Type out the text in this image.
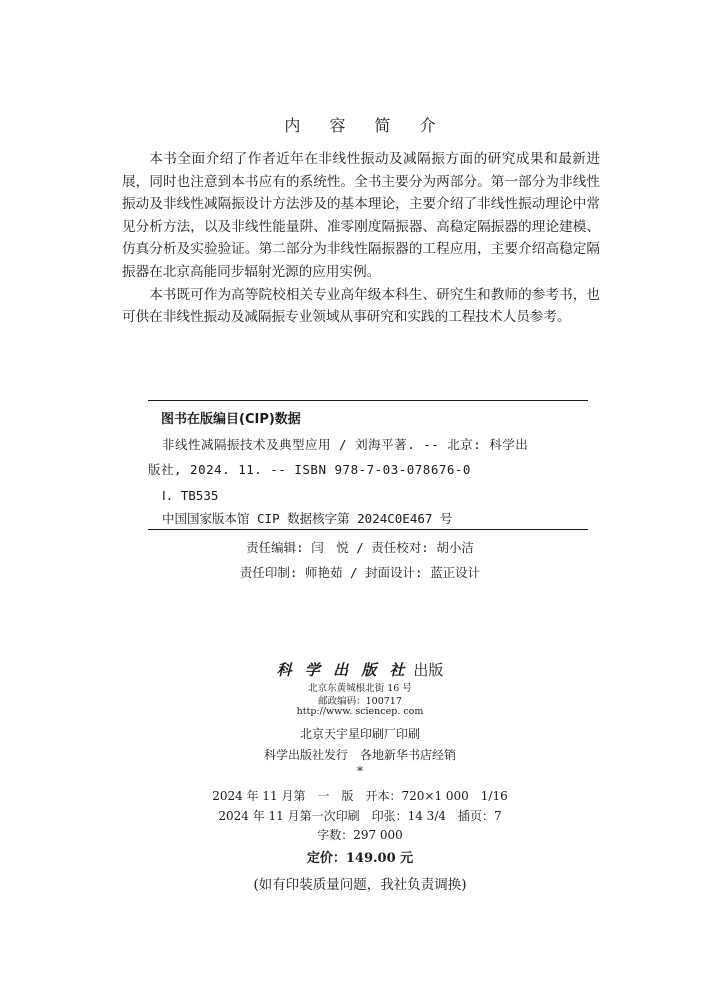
内 容 简 介

本书全面介绍了作者近年在非线性振动及减隔振方面的研究成果和最新进展，同时也注意到本书应有的系统性。全书主要分为两部分。第一部分为非线性振动及非线性减隔振设计方法涉及的基本理论，主要介绍了非线性振动理论中常见分析方法，以及非线性能量阱、准零刚度隔振器、高稳定隔振器的理论建模、仿真分析及实验验证。第二部分为非线性隔振器的工程应用，主要介绍高稳定隔振器在北京高能同步辐射光源的应用实例。

本书既可作为高等院校相关专业高年级本科生、研究生和教师的参考书，也可供在非线性振动及减隔振专业领域从事研究和实践的工程技术人员参考。

图书在版编目(CIP)数据
非线性减隔振技术及典型应用 / 刘海平著. -- 北京: 科学出
版社, 2024. 11. -- ISBN 978-7-03-078676-0
Ⅰ. TB535
中国国家版本馆 CIP 数据核字第 2024C0E467 号
责任编辑: 闫　悦 / 责任校对: 胡小洁
责任印制: 师艳茹 / 封面设计: 蓝正设计
科 学 出 版 社 出版
北京东黄城根北街 16 号
邮政编码：100717
http://www. sciencep. com
北京天宇星印刷厂印刷
科学出版社发行　各地新华书店经销
*
2024 年 11 月第　一　版　开本：720×1 000　1/16
2024 年 11 月第一次印刷　印张：14 3/4　插页：7
字数：297 000
定价：149.00 元
(如有印装质量问题，我社负责调换)
